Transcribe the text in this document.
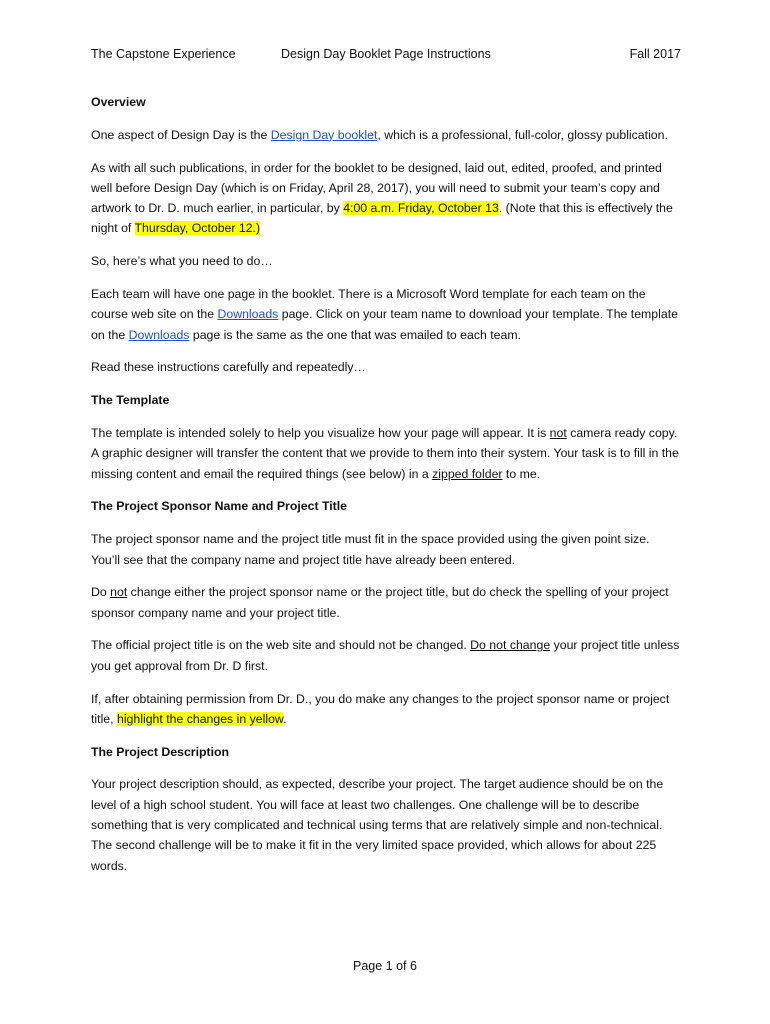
The Capstone Experience	Design Day Booklet Page Instructions	Fall 2017
Overview

One aspect of Design Day is the Design Day booklet, which is a professional, full-color, glossy publication.

As with all such publications, in order for the booklet to be designed, laid out, edited, proofed, and printed well before Design Day (which is on Friday, April 28, 2017), you will need to submit your team’s copy and artwork to Dr. D. much earlier, in particular, by 4:00 a.m. Friday, October 13. (Note that this is effectively the night of Thursday, October 12.)

So, here’s what you need to do…

Each team will have one page in the booklet. There is a Microsoft Word template for each team on the course web site on the Downloads page. Click on your team name to download your template. The template on the Downloads page is the same as the one that was emailed to each team.

Read these instructions carefully and repeatedly…

The Template

The template is intended solely to help you visualize how your page will appear. It is not camera ready copy. A graphic designer will transfer the content that we provide to them into their system. Your task is to fill in the missing content and email the required things (see below) in a zipped folder to me.

The Project Sponsor Name and Project Title

The project sponsor name and the project title must fit in the space provided using the given point size. You’ll see that the company name and project title have already been entered.

Do not change either the project sponsor name or the project title, but do check the spelling of your project sponsor company name and your project title.

The official project title is on the web site and should not be changed. Do not change your project title unless you get approval from Dr. D first.

If, after obtaining permission from Dr. D., you do make any changes to the project sponsor name or project title, highlight the changes in yellow.

The Project Description

Your project description should, as expected, describe your project. The target audience should be on the level of a high school student. You will face at least two challenges. One challenge will be to describe something that is very complicated and technical using terms that are relatively simple and non-technical. The second challenge will be to make it fit in the very limited space provided, which allows for about 225 words.

Page 1 of 6
